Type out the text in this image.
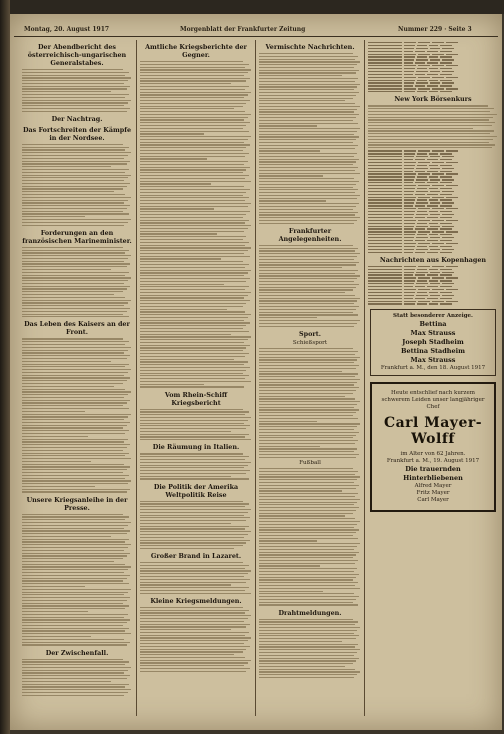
Montag, 20. August 1917	Morgenblatt der Frankfurter Zeitung	Nummer 229 · Seite 3
Der Abendbericht des österreichisch-ungarischen Generalstabes.
Der Nachtrag.
Das Fortschreiten der Kämpfe in der Nordsee.
Forderungen an den französischen Marineminister.
Das Leben des Kaisers an der Front.
Unsere Kriegsanleihe in der Presse.
Der Zwischenfall.
Amtliche Kriegsberichte der Gegner.
Vom Rhein-Schiff Kriegsbericht
Die Räumung in Italien.
Die Politik der Amerika Weltpolitik Reise
Großer Brand in Lazaret.
Kleine Kriegsmeldungen.
Vermischte Nachrichten.
Frankfurter Angelegenheiten.
Sport.
Schießsport
Fußball
Drahtmeldungen.
New York Börsenkurs
Nachrichten aus Kopenhagen
Statt besonderer Anzeige.
Bettina
Max Strauss
Joseph Stadheim
Bettina Stadheim
Max Strauss
Frankfurt a. M., den 18. August 1917
Heute entschlief nach kurzem schwerem Leiden unser langjähriger Chef
Carl Mayer-Wolff
im Alter von 62 Jahren.
Frankfurt a. M., 19. August 1917
Die trauernden Hinterbliebenen
Alfred Mayer
Fritz Mayer
Carl Mayer
